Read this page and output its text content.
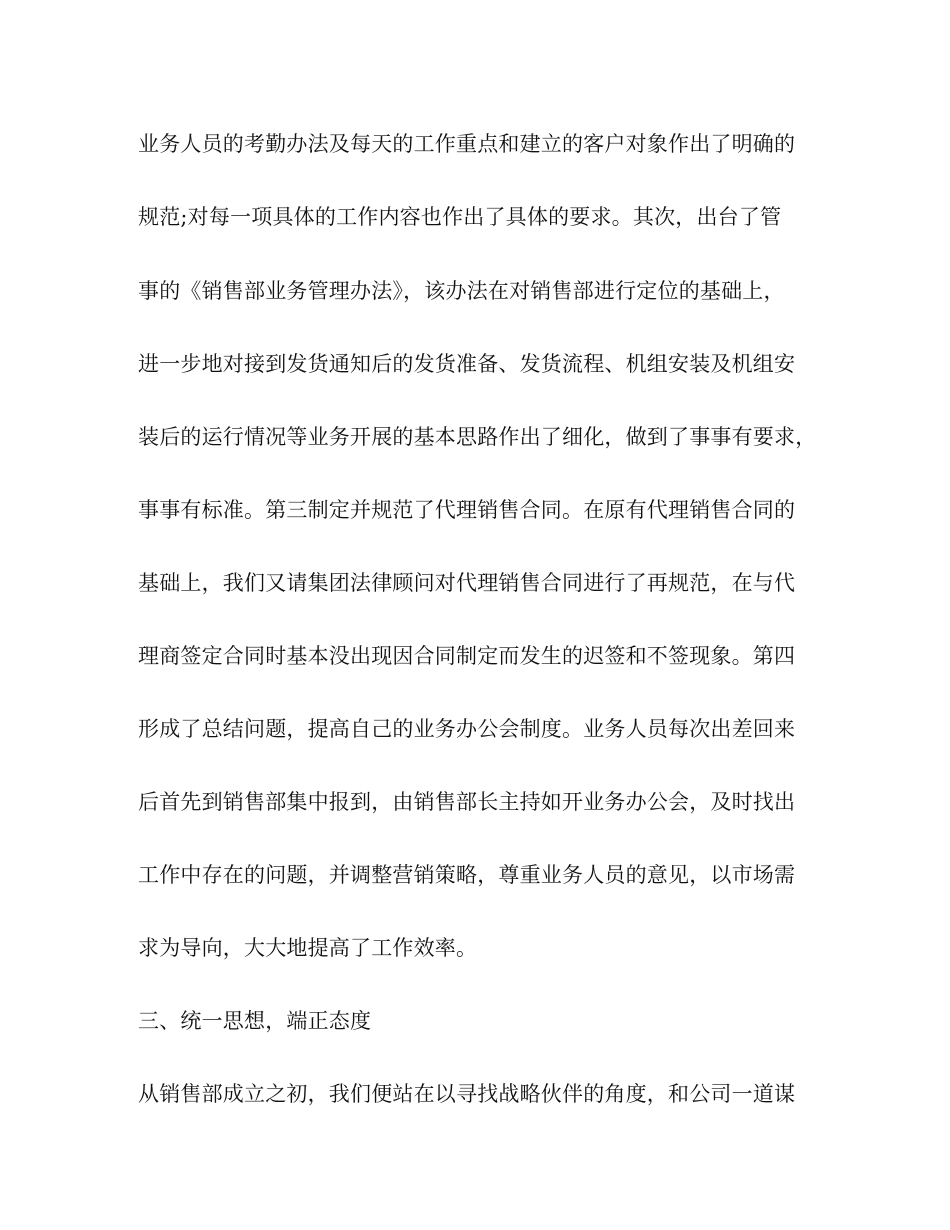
业务人员的考勤办法及每天的工作重点和建立的客户对象作出了明确的
规范;对每一项具体的工作内容也作出了具体的要求。其次，出台了管
事的《销售部业务管理办法》，该办法在对销售部进行定位的基础上，
进一步地对接到发货通知后的发货准备、发货流程、机组安装及机组安
装后的运行情况等业务开展的基本思路作出了细化，做到了事事有要求，
事事有标准。第三制定并规范了代理销售合同。在原有代理销售合同的
基础上，我们又请集团法律顾问对代理销售合同进行了再规范，在与代
理商签定合同时基本没出现因合同制定而发生的迟签和不签现象。第四
形成了总结问题，提高自己的业务办公会制度。业务人员每次出差回来
后首先到销售部集中报到，由销售部长主持如开业务办公会，及时找出
工作中存在的问题，并调整营销策略，尊重业务人员的意见，以市场需
求为导向，大大地提高了工作效率。
三、统一思想，端正态度
从销售部成立之初，我们便站在以寻找战略伙伴的角度，和公司一道谋
